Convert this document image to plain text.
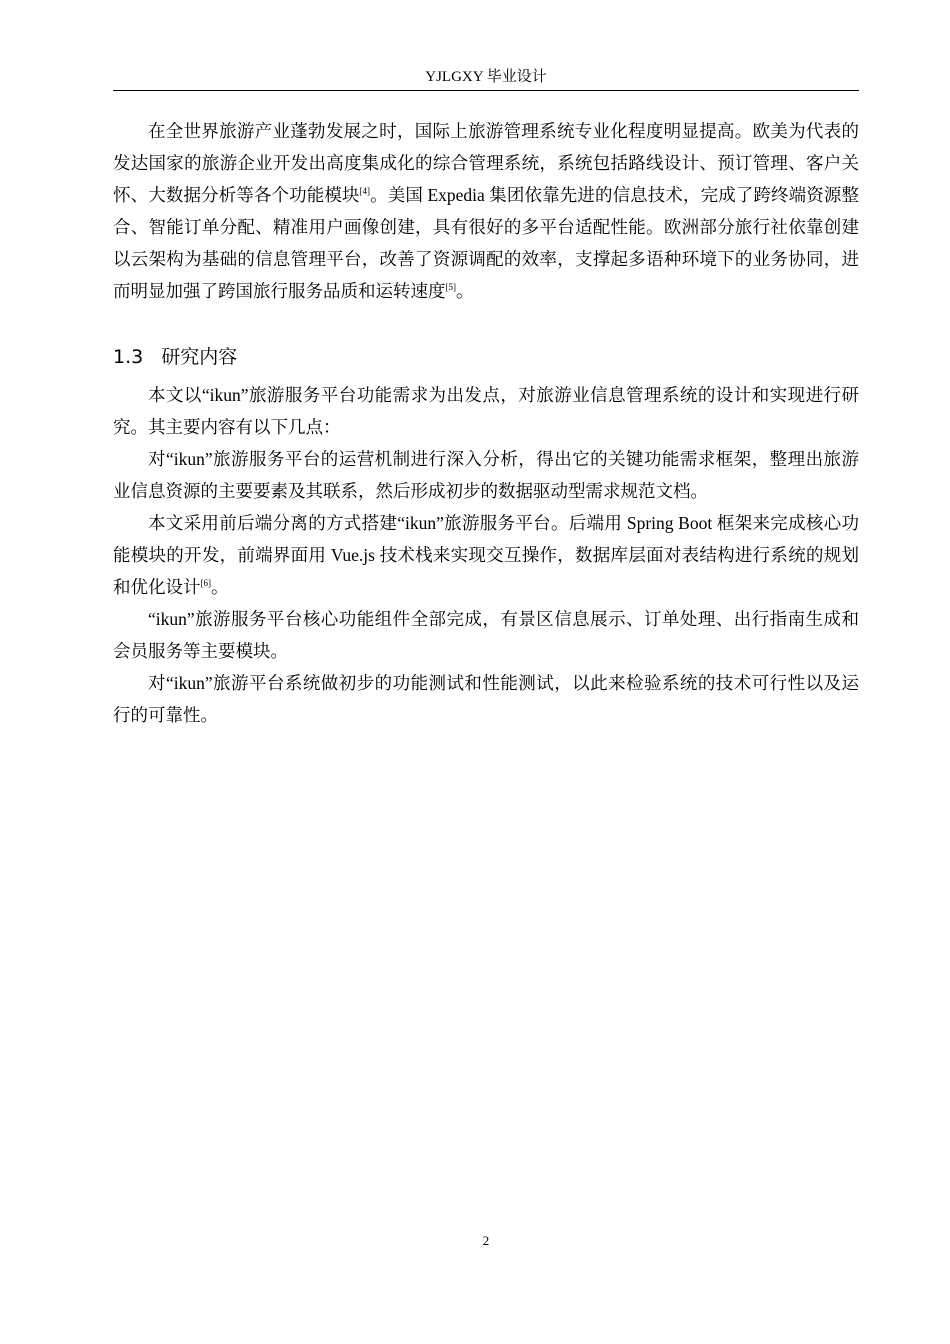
YJLGXY 毕业设计

在全世界旅游产业蓬勃发展之时，国际上旅游管理系统专业化程度明显提高。欧美为代表的发达国家的旅游企业开发出高度集成化的综合管理系统，系统包括路线设计、预订管理、客户关怀、大数据分析等各个功能模块[4]。美国 Expedia 集团依靠先进的信息技术，完成了跨终端资源整合、智能订单分配、精准用户画像创建，具有很好的多平台适配性能。欧洲部分旅行社依靠创建以云架构为基础的信息管理平台，改善了资源调配的效率，支撑起多语种环境下的业务协同，进而明显加强了跨国旅行服务品质和运转速度[5]。

1.3 研究内容

本文以“ikun”旅游服务平台功能需求为出发点，对旅游业信息管理系统的设计和实现进行研究。其主要内容有以下几点：

对“ikun”旅游服务平台的运营机制进行深入分析，得出它的关键功能需求框架，整理出旅游业信息资源的主要要素及其联系，然后形成初步的数据驱动型需求规范文档。

本文采用前后端分离的方式搭建“ikun”旅游服务平台。后端用 Spring Boot 框架来完成核心功能模块的开发，前端界面用 Vue.js 技术栈来实现交互操作，数据库层面对表结构进行系统的规划和优化设计[6]。

“ikun”旅游服务平台核心功能组件全部完成，有景区信息展示、订单处理、出行指南生成和会员服务等主要模块。

对“ikun”旅游平台系统做初步的功能测试和性能测试，以此来检验系统的技术可行性以及运行的可靠性。

2
